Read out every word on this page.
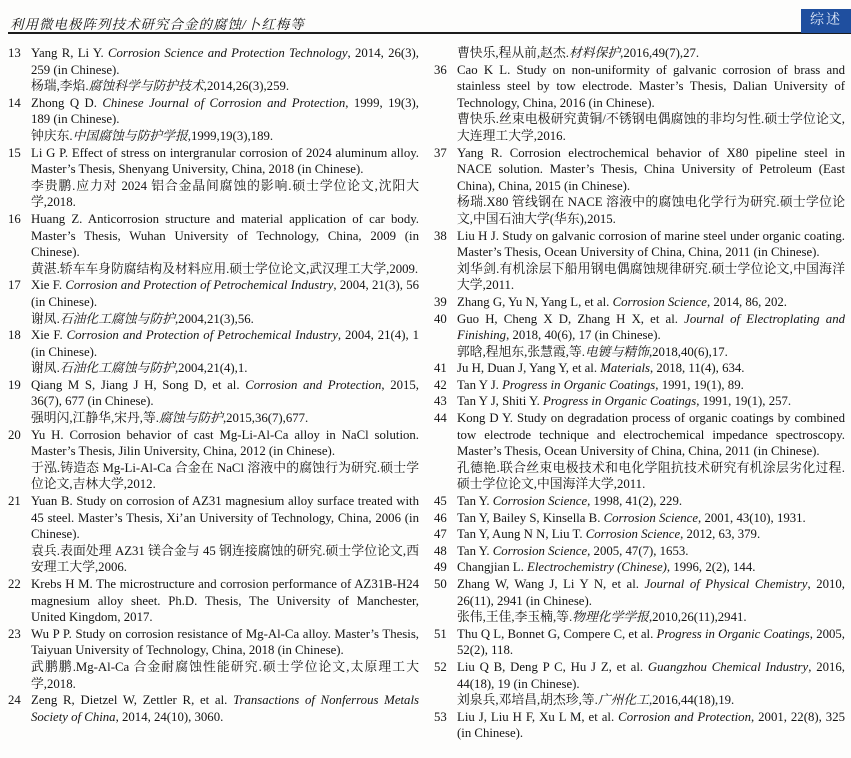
利用微电极阵列技术研究合金的腐蚀/卜红梅等	综述
13 Yang R, Li Y. Corrosion Science and Protection Technology, 2014, 26(3), 259 (in Chinese).
杨瑞,李焰.腐蚀科学与防护技术,2014,26(3),259.
14 Zhong Q D. Chinese Journal of Corrosion and Protection, 1999, 19(3), 189 (in Chinese).
钟庆东.中国腐蚀与防护学报,1999,19(3),189.
15 Li G P. Effect of stress on intergranular corrosion of 2024 aluminum alloy. Master’s Thesis, Shenyang University, China, 2018 (in Chinese).
李贵鹏.应力对 2024 铝合金晶间腐蚀的影响.硕士学位论文,沈阳大学,2018.
16 Huang Z. Anticorrosion structure and material application of car body. Master’s Thesis, Wuhan University of Technology, China, 2009 (in Chinese).
黄湛.轿车车身防腐结构及材料应用.硕士学位论文,武汉理工大学,2009.
17 Xie F. Corrosion and Protection of Petrochemical Industry, 2004, 21(3), 56 (in Chinese).
谢凤.石油化工腐蚀与防护,2004,21(3),56.
18 Xie F. Corrosion and Protection of Petrochemical Industry, 2004, 21(4), 1 (in Chinese).
谢凤.石油化工腐蚀与防护,2004,21(4),1.
19 Qiang M S, Jiang J H, Song D, et al. Corrosion and Protection, 2015, 36(7), 677 (in Chinese).
强明闪,江静华,宋丹,等.腐蚀与防护,2015,36(7),677.
20 Yu H. Corrosion behavior of cast Mg-Li-Al-Ca alloy in NaCl solution. Master’s Thesis, Jilin University, China, 2012 (in Chinese).
于泓.铸造态 Mg-Li-Al-Ca 合金在 NaCl 溶液中的腐蚀行为研究.硕士学位论文,吉林大学,2012.
21 Yuan B. Study on corrosion of AZ31 magnesium alloy surface treated with 45 steel. Master’s Thesis, Xi’an University of Technology, China, 2006 (in Chinese).
袁兵.表面处理 AZ31 镁合金与 45 钢连接腐蚀的研究.硕士学位论文,西安理工大学,2006.
22 Krebs H M. The microstructure and corrosion performance of AZ31B-H24 magnesium alloy sheet. Ph.D. Thesis, The University of Manchester, United Kingdom, 2017.
23 Wu P P. Study on corrosion resistance of Mg-Al-Ca alloy. Master’s Thesis, Taiyuan University of Technology, China, 2018 (in Chinese).
武鹏鹏.Mg-Al-Ca 合金耐腐蚀性能研究.硕士学位论文,太原理工大学,2018.
24 Zeng R, Dietzel W, Zettler R, et al. Transactions of Nonferrous Metals Society of China, 2014, 24(10), 3060.
曹快乐,程从前,赵杰.材料保护,2016,49(7),27.
36 Cao K L. Study on non-uniformity of galvanic corrosion of brass and stainless steel by tow electrode. Master’s Thesis, Dalian University of Technology, China, 2016 (in Chinese).
曹快乐.丝束电极研究黄铜/不锈钢电偶腐蚀的非均匀性.硕士学位论文,大连理工大学,2016.
37 Yang R. Corrosion electrochemical behavior of X80 pipeline steel in NACE solution. Master’s Thesis, China University of Petroleum (East China), China, 2015 (in Chinese).
杨瑞.X80 管线钢在 NACE 溶液中的腐蚀电化学行为研究.硕士学位论文,中国石油大学(华东),2015.
38 Liu H J. Study on galvanic corrosion of marine steel under organic coating. Master’s Thesis, Ocean University of China, China, 2011 (in Chinese).
刘华剑.有机涂层下船用钢电偶腐蚀规律研究.硕士学位论文,中国海洋大学,2011.
39 Zhang G, Yu N, Yang L, et al. Corrosion Science, 2014, 86, 202.
40 Guo H, Cheng X D, Zhang H X, et al. Journal of Electroplating and Finishing, 2018, 40(6), 17 (in Chinese).
郭晗,程旭东,张慧霞,等.电镀与精饰,2018,40(6),17.
41 Ju H, Duan J, Yang Y, et al. Materials, 2018, 11(4), 634.
42 Tan Y J. Progress in Organic Coatings, 1991, 19(1), 89.
43 Tan Y J, Shiti Y. Progress in Organic Coatings, 1991, 19(1), 257.
44 Kong D Y. Study on degradation process of organic coatings by combined tow electrode technique and electrochemical impedance spectroscopy. Master’s Thesis, Ocean University of China, China, 2011 (in Chinese).
孔德艳.联合丝束电极技术和电化学阻抗技术研究有机涂层劣化过程.硕士学位论文,中国海洋大学,2011.
45 Tan Y. Corrosion Science, 1998, 41(2), 229.
46 Tan Y, Bailey S, Kinsella B. Corrosion Science, 2001, 43(10), 1931.
47 Tan Y, Aung N N, Liu T. Corrosion Science, 2012, 63, 379.
48 Tan Y. Corrosion Science, 2005, 47(7), 1653.
49 Changjian L. Electrochemistry (Chinese), 1996, 2(2), 144.
50 Zhang W, Wang J, Li Y N, et al. Journal of Physical Chemistry, 2010, 26(11), 2941 (in Chinese).
张伟,王佳,李玉楠,等.物理化学学报,2010,26(11),2941.
51 Thu Q L, Bonnet G, Compere C, et al. Progress in Organic Coatings, 2005, 52(2), 118.
52 Liu Q B, Deng P C, Hu J Z, et al. Guangzhou Chemical Industry, 2016, 44(18), 19 (in Chinese).
刘泉兵,邓培昌,胡杰珍,等.广州化工,2016,44(18),19.
53 Liu J, Liu H F, Xu L M, et al. Corrosion and Protection, 2001, 22(8), 325 (in Chinese).
